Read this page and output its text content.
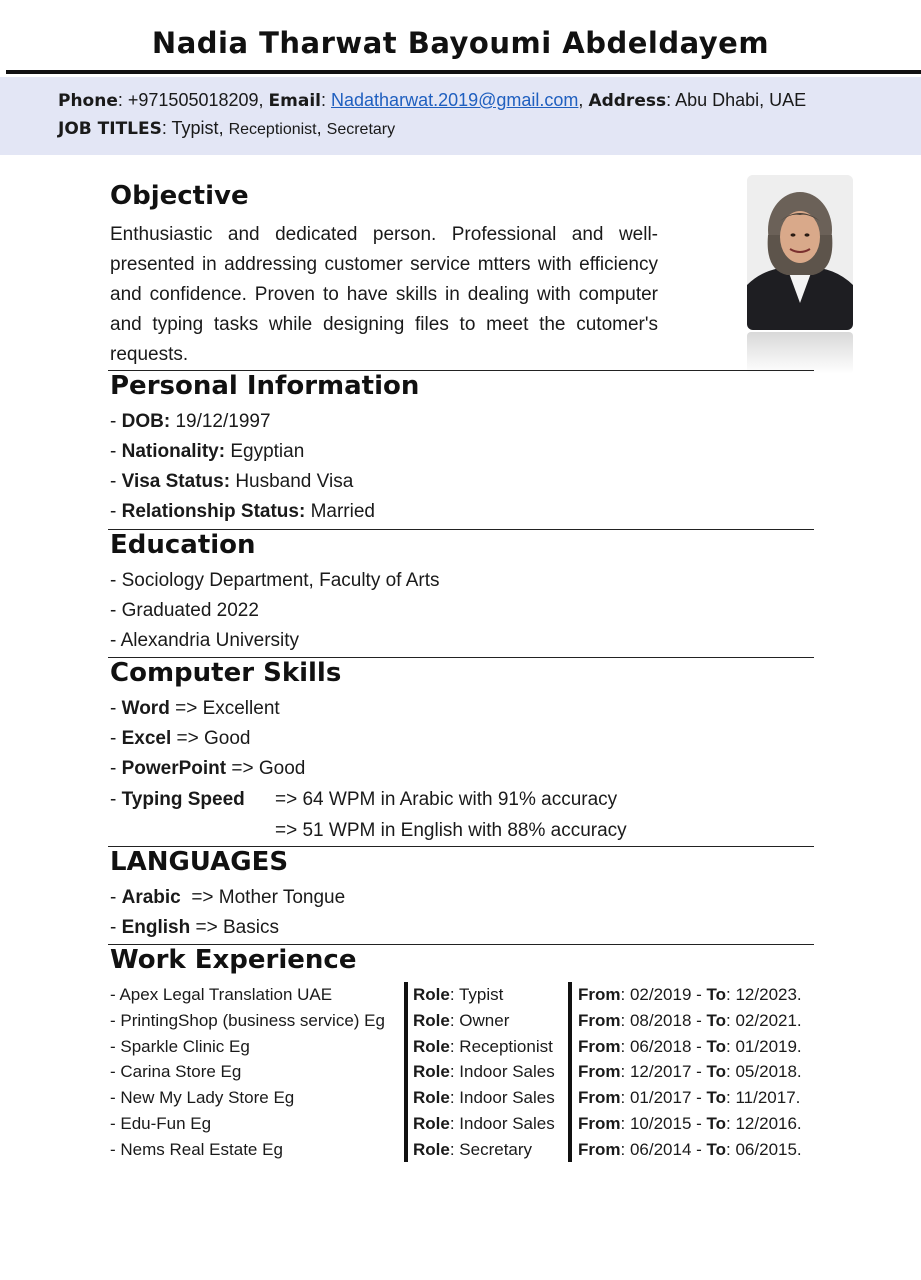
Nadia Tharwat Bayoumi Abdeldayem
Phone: +971505018209, Email: Nadatharwat.2019@gmail.com, Address: Abu Dhabi, UAE
JOB TITLES: Typist, Receptionist, Secretary
Objective
Enthusiastic and dedicated person. Professional and well-presented in addressing customer service mtters with efficiency and confidence. Proven to have skills in dealing with computer and typing tasks while designing files to meet the cutomer's requests.
Personal Information
- DOB: 19/12/1997
- Nationality: Egyptian
- Visa Status: Husband Visa
- Relationship Status: Married
Education
- Sociology Department, Faculty of Arts
- Graduated 2022
- Alexandria University
Computer Skills
- Word => Excellent
- Excel => Good
- PowerPoint => Good
- Typing Speed => 64 WPM in Arabic with 91% accuracy
=> 51 WPM in English with 88% accuracy
LANGUAGES
- Arabic => Mother Tongue
- English => Basics
Work Experience
- Apex Legal Translation UAE	Role: Typist	From: 02/2019 - To: 12/2023.
- PrintingShop (business service) Eg Role: Owner	From: 08/2018 - To: 02/2021.
- Sparkle Clinic Eg	Role: Receptionist From: 06/2018 - To: 01/2019.
- Carina Store Eg	Role: Indoor Sales From: 12/2017 - To: 05/2018.
- New My Lady Store Eg	Role: Indoor Sales From: 01/2017 - To: 11/2017.
- Edu-Fun Eg	Role: Indoor Sales From: 10/2015 - To: 12/2016.
- Nems Real Estate Eg	Role: Secretary	From: 06/2014 - To: 06/2015.
